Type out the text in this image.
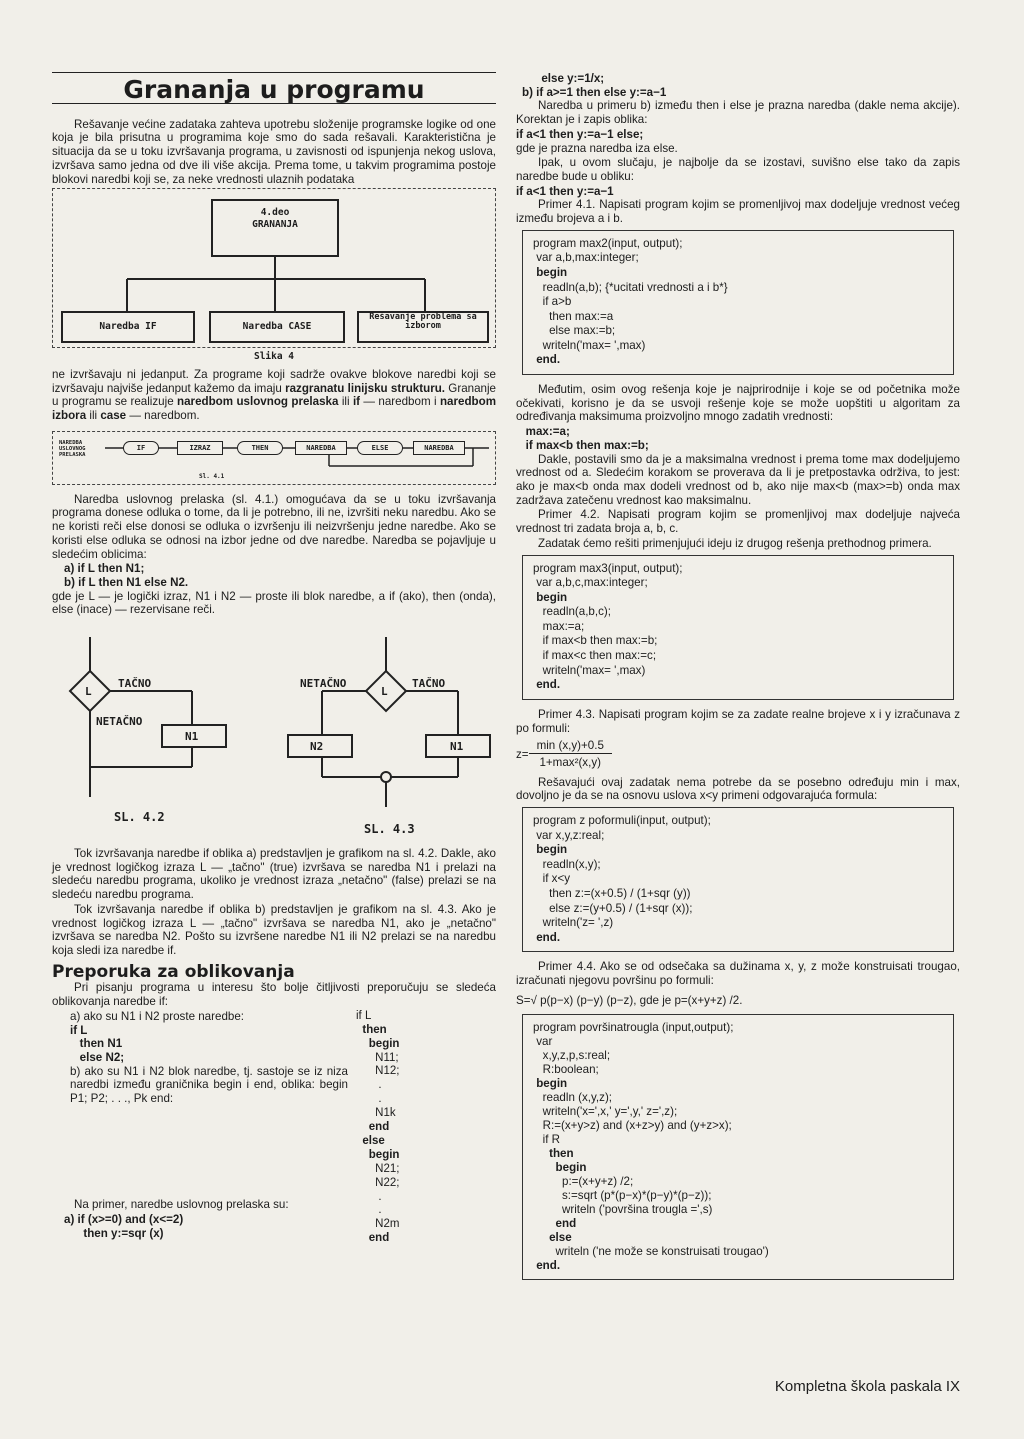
Grananja u programu

Rešavanje većine zadataka zahteva upotrebu složenije programske logike od one koja je bila prisutna u programima koje smo do sada rešavali. Karakteristična je situacija da se u toku izvršavanja programa, u zavisnosti od ispunjenja nekog uslova, izvršava samo jedna od dve ili više akcija. Prema tome, u takvim programima postoje blokovi naredbi koji se, za neke vrednosti ulaznih podataka

4.deo
GRANANJA
Naredba IF	Naredba CASE
Rešavanje problema sa izborom
Slika 4

ne izvršavaju ni jedanput. Za programe koji sadrže ovakve blokove naredbi koji se izvršavaju najviše jedanput kažemo da imaju razgranatu linijsku strukturu. Grananje u programu se realizuje naredbom uslovnog prelaska ili if — naredbom i naredbom izbora ili case — naredbom.

NAREDBA USLOVNOG PRELASKA
IF	IZRAZ	THEN	NAREDBA	ELSE	NAREDBA
Sl. 4.1

Naredba uslovnog prelaska (sl. 4.1.) omogućava da se u toku izvršavanja programa donese odluka o tome, da li je potrebno, ili ne, izvršiti neku naredbu. Ako se ne koristi reči else donosi se odluka o izvršenju ili neizvršenju jedne naredbe. Ako se koristi else odluka se odnosi na izbor jedne od dve naredbe. Naredba se pojavljuje u sledećim oblicima:

a) if L then N1;
b) if L then N1 else N2.

gde je L — je logički izraz, N1 i N2 — proste ili blok naredbe, a if (ako), then (onda), else (inace) — rezervisane reči.

L
TAČNO
N1
NETAČNO
SL. 4.2
L
NETAČNO	TAČNO
N2	N1
SL. 4.3

Tok izvršavanja naredbe if oblika a) predstavljen je grafikom na sl. 4.2. Dakle, ako je vrednost logičkog izraza L — „tačno" (true) izvršava se naredba N1 i prelazi na sledeću naredbu programa, ukoliko je vrednost izraza „netačno" (false) prelazi se na sledeću naredbu programa.

Tok izvršavanja naredbe if oblika b) predstavljen je grafikom na sl. 4.3. Ako je vrednost logičkog izraza L — „tačno" izvršava se naredba N1, ako je „netačno" izvršava se naredba N2. Pošto su izvršene naredbe N1 ili N2 prelazi se na naredbu koja sledi iza naredbe if.

Preporuka za oblikovanja

Pri pisanju programa u interesu što bolje čitljivosti preporučuju se sledeća oblikovanja naredbe if:

a) ako su N1 i N2 proste naredbe:
if L
then N1
else N2;

b) ako su N1 i N2 blok naredbe, tj. sastoje se iz niza naredbi između graničnika begin i end, oblika: begin P1; P2; . . ., Pk end:

if L
then
begin
N11;
N12;
.
.
N1k
end
else
begin
N21;
N22;
.
.
N2m
end

Na primer, naredbe uslovnog prelaska su:

a) if (x>=0) and (x<=2)
then y:=sqr (x)
else y:=1/x;
b) if a>=1 then else y:=a−1

Naredba u primeru b) između then i else je prazna naredba (dakle nema akcije). Korektan je i zapis oblika:

if a<1 then y:=a−1 else;

gde je prazna naredba iza else.

Ipak, u ovom slučaju, je najbolje da se izostavi, suvišno else tako da zapis naredbe bude u obliku:

if a<1 then y:=a−1

Primer 4.1. Napisati program kojim se promenljivoj max dodeljuje vrednost većeg između brojeva a i b.

program max2(input, output);
var a,b,max:integer;
begin
readln(a,b); {*ucitati vrednosti a i b*}
if a>b
then max:=a
else max:=b;
writeln('max= ',max)
end.

Međutim, osim ovog rešenja koje je najprirodnije i koje se od početnika može očekivati, korisno je da se usvoji rešenje koje se može uopštiti u algoritam za određivanja maksimuma proizvoljno mnogo zadatih vrednosti:

max:=a;
if max<b then max:=b;

Dakle, postavili smo da je a maksimalna vrednost i prema tome max dodeljujemo vrednost od a. Sledećim korakom se proverava da li je pretpostavka održiva, to jest: ako je max<b onda max dodeli vrednost od b, ako nije max<b (max>=b) onda max zadržava zatečenu vrednost kao maksimalnu.

Primer 4.2. Napisati program kojim se promenljivoj max dodeljuje najveća vrednost tri zadata broja a, b, c.

Zadatak ćemo rešiti primenjujući ideju iz drugog rešenja prethodnog primera.

program max3(input, output);
var a,b,c,max:integer;
begin
readln(a,b,c);
max:=a;
if max<b then max:=b;
if max<c then max:=c;
writeln('max= ',max)
end.

Primer 4.3. Napisati program kojim se za zadate realne brojeve x i y izračunava z po formuli:

z=
min (x,y)+0.5
1+max²(x,y)

Rešavajući ovaj zadatak nema potrebe da se posebno određuju min i max, dovoljno je da se na osnovu uslova x<y primeni odgovarajuća formula:

program z poformuli(input, output);
var x,y,z:real;
begin
readln(x,y);
if x<y
then z:=(x+0.5) / (1+sqr (y))
else z:=(y+0.5) / (1+sqr (x));
writeln('z= ',z)
end.

Primer 4.4. Ako se od odsečaka sa dužinama x, y, z može konstruisati trougao, izračunati njegovu površinu po formuli:

S=√ p(p−x) (p−y) (p−z), gde je p=(x+y+z) /2.
program površinatrougla (input,output);
var
x,y,z,p,s:real;
R:boolean;
begin
readln (x,y,z);
writeln('x=',x,' y=',y,' z=',z);
R:=(x+y>z) and (x+z>y) and (y+z>x);
if R
then
begin
p:=(x+y+z) /2;
s:=sqrt (p*(p−x)*(p−y)*(p−z));
writeln ('površina trougla =',s)
end
else
writeln ('ne može se konstruisati trougao')
end.
Kompletna škola paskala IX
